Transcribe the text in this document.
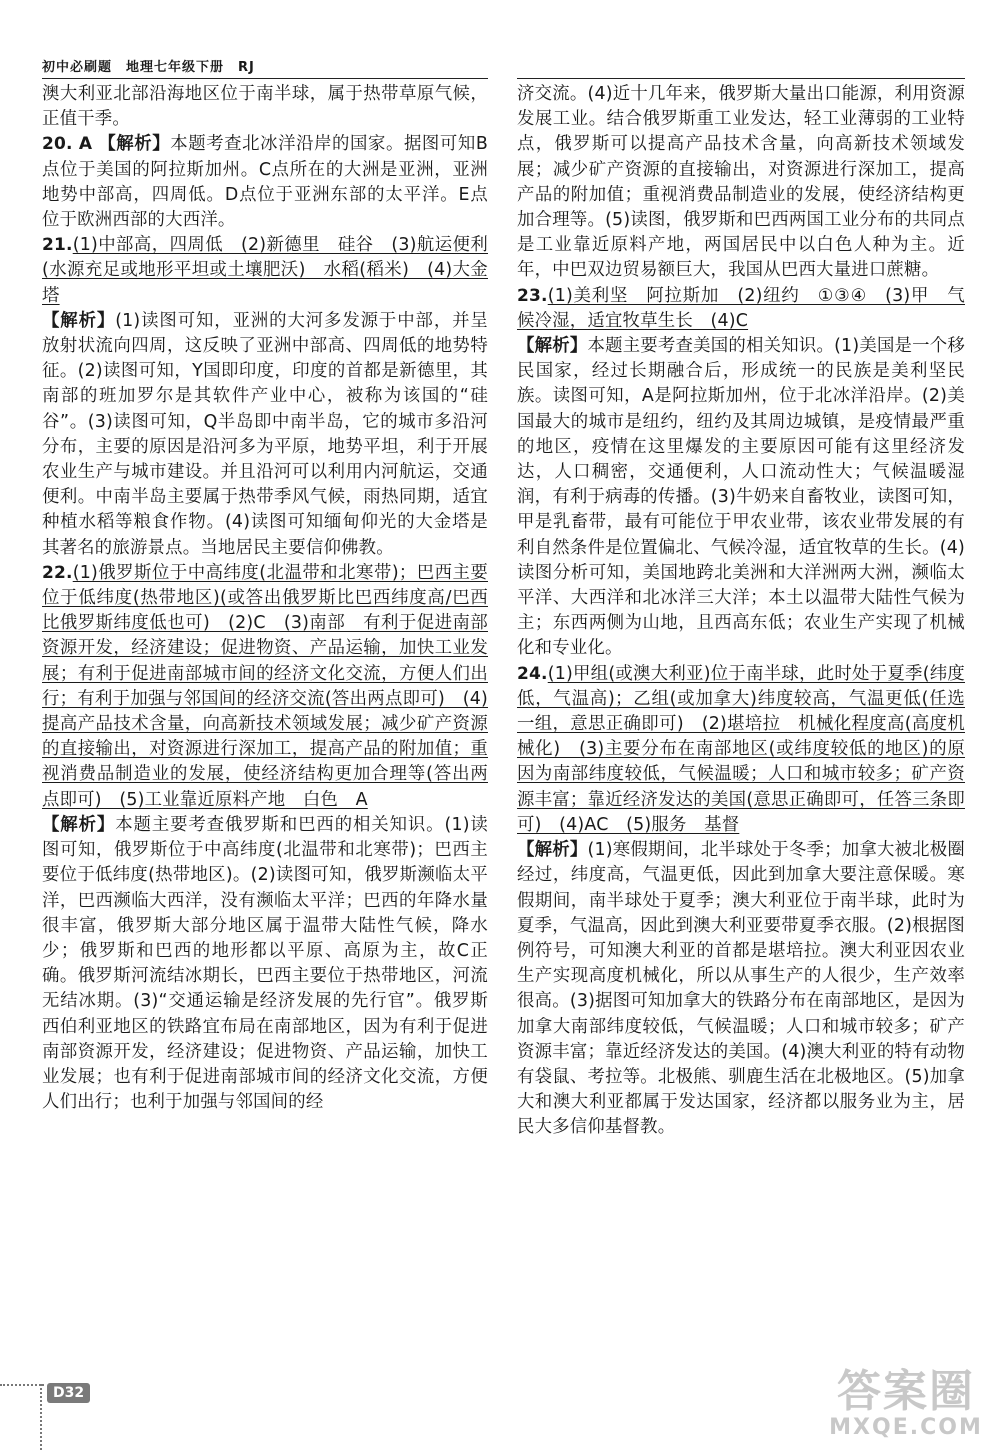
初中必刷题 地理七年级下册 RJ

澳大利亚北部沿海地区位于南半球，属于热带草原气候，正值干季。

20. A 【解析】本题考查北冰洋沿岸的国家。据图可知B点位于美国的阿拉斯加州。C点所在的大洲是亚洲，亚洲地势中部高，四周低。D点位于亚洲东部的太平洋。E点位于欧洲西部的大西洋。

21.(1)中部高，四周低　(2)新德里　硅谷　(3)航运便利(水源充足或地形平坦或土壤肥沃)　水稻(稻米)　(4)大金塔

【解析】(1)读图可知，亚洲的大河多发源于中部，并呈放射状流向四周，这反映了亚洲中部高、四周低的地势特征。(2)读图可知，Y国即印度，印度的首都是新德里，其南部的班加罗尔是其软件产业中心，被称为该国的“硅谷”。(3)读图可知，Q半岛即中南半岛，它的城市多沿河分布，主要的原因是沿河多为平原，地势平坦，利于开展农业生产与城市建设。并且沿河可以利用内河航运，交通便利。中南半岛主要属于热带季风气候，雨热同期，适宜种植水稻等粮食作物。(4)读图可知缅甸仰光的大金塔是其著名的旅游景点。当地居民主要信仰佛教。

22.(1)俄罗斯位于中高纬度(北温带和北寒带)；巴西主要位于低纬度(热带地区)(或答出俄罗斯比巴西纬度高/巴西比俄罗斯纬度低也可)　(2)C　(3)南部　有利于促进南部资源开发，经济建设；促进物资、产品运输，加快工业发展；有利于促进南部城市间的经济文化交流，方便人们出行；有利于加强与邻国间的经济交流(答出两点即可)　(4)提高产品技术含量，向高新技术领域发展；减少矿产资源的直接输出，对资源进行深加工，提高产品的附加值；重视消费品制造业的发展，使经济结构更加合理等(答出两点即可)　(5)工业靠近原料产地　白色　A

【解析】本题主要考查俄罗斯和巴西的相关知识。(1)读图可知，俄罗斯位于中高纬度(北温带和北寒带)；巴西主要位于低纬度(热带地区)。(2)读图可知，俄罗斯濒临太平洋，巴西濒临大西洋，没有濒临太平洋；巴西的年降水量很丰富，俄罗斯大部分地区属于温带大陆性气候，降水少；俄罗斯和巴西的地形都以平原、高原为主，故C正确。俄罗斯河流结冰期长，巴西主要位于热带地区，河流无结冰期。(3)“交通运输是经济发展的先行官”。俄罗斯西伯利亚地区的铁路宜布局在南部地区，因为有利于促进南部资源开发，经济建设；促进物资、产品运输，加快工业发展；也有利于促进南部城市间的经济文化交流，方便人们出行；也利于加强与邻国间的经

济交流。(4)近十几年来，俄罗斯大量出口能源，利用资源发展工业。结合俄罗斯重工业发达，轻工业薄弱的工业特点，俄罗斯可以提高产品技术含量，向高新技术领域发展；减少矿产资源的直接输出，对资源进行深加工，提高产品的附加值；重视消费品制造业的发展，使经济结构更加合理等。(5)读图，俄罗斯和巴西两国工业分布的共同点是工业靠近原料产地，两国居民中以白色人种为主。近年，中巴双边贸易额巨大，我国从巴西大量进口蔗糖。

23.(1)美利坚　阿拉斯加　(2)纽约　①③④　(3)甲　气候冷湿，适宜牧草生长　(4)C

【解析】本题主要考查美国的相关知识。(1)美国是一个移民国家，经过长期融合后，形成统一的民族是美利坚民族。读图可知，A是阿拉斯加州，位于北冰洋沿岸。(2)美国最大的城市是纽约，纽约及其周边城镇，是疫情最严重的地区，疫情在这里爆发的主要原因可能有这里经济发达，人口稠密，交通便利，人口流动性大；气候温暖湿润，有利于病毒的传播。(3)牛奶来自畜牧业，读图可知，甲是乳畜带，最有可能位于甲农业带，该农业带发展的有利自然条件是位置偏北、气候冷湿，适宜牧草的生长。(4)读图分析可知，美国地跨北美洲和大洋洲两大洲，濒临太平洋、大西洋和北冰洋三大洋；本土以温带大陆性气候为主；东西两侧为山地，且西高东低；农业生产实现了机械化和专业化。

24.(1)甲组(或澳大利亚)位于南半球，此时处于夏季(纬度低，气温高)；乙组(或加拿大)纬度较高，气温更低(任选一组，意思正确即可)　(2)堪培拉　机械化程度高(高度机械化)　(3)主要分布在南部地区(或纬度较低的地区)的原因为南部纬度较低，气候温暖；人口和城市较多；矿产资源丰富；靠近经济发达的美国(意思正确即可，任答三条即可)　(4)AC　(5)服务　基督

【解析】(1)寒假期间，北半球处于冬季；加拿大被北极圈经过，纬度高，气温更低，因此到加拿大要注意保暖。寒假期间，南半球处于夏季；澳大利亚位于南半球，此时为夏季，气温高，因此到澳大利亚要带夏季衣服。(2)根据图例符号，可知澳大利亚的首都是堪培拉。澳大利亚因农业生产实现高度机械化，所以从事生产的人很少，生产效率很高。(3)据图可知加拿大的铁路分布在南部地区，是因为加拿大南部纬度较低，气候温暖；人口和城市较多；矿产资源丰富；靠近经济发达的美国。(4)澳大利亚的特有动物有袋鼠、考拉等。北极熊、驯鹿生活在北极地区。(5)加拿大和澳大利亚都属于发达国家，经济都以服务业为主，居民大多信仰基督教。

D32	答案圈
MXQE.COM
